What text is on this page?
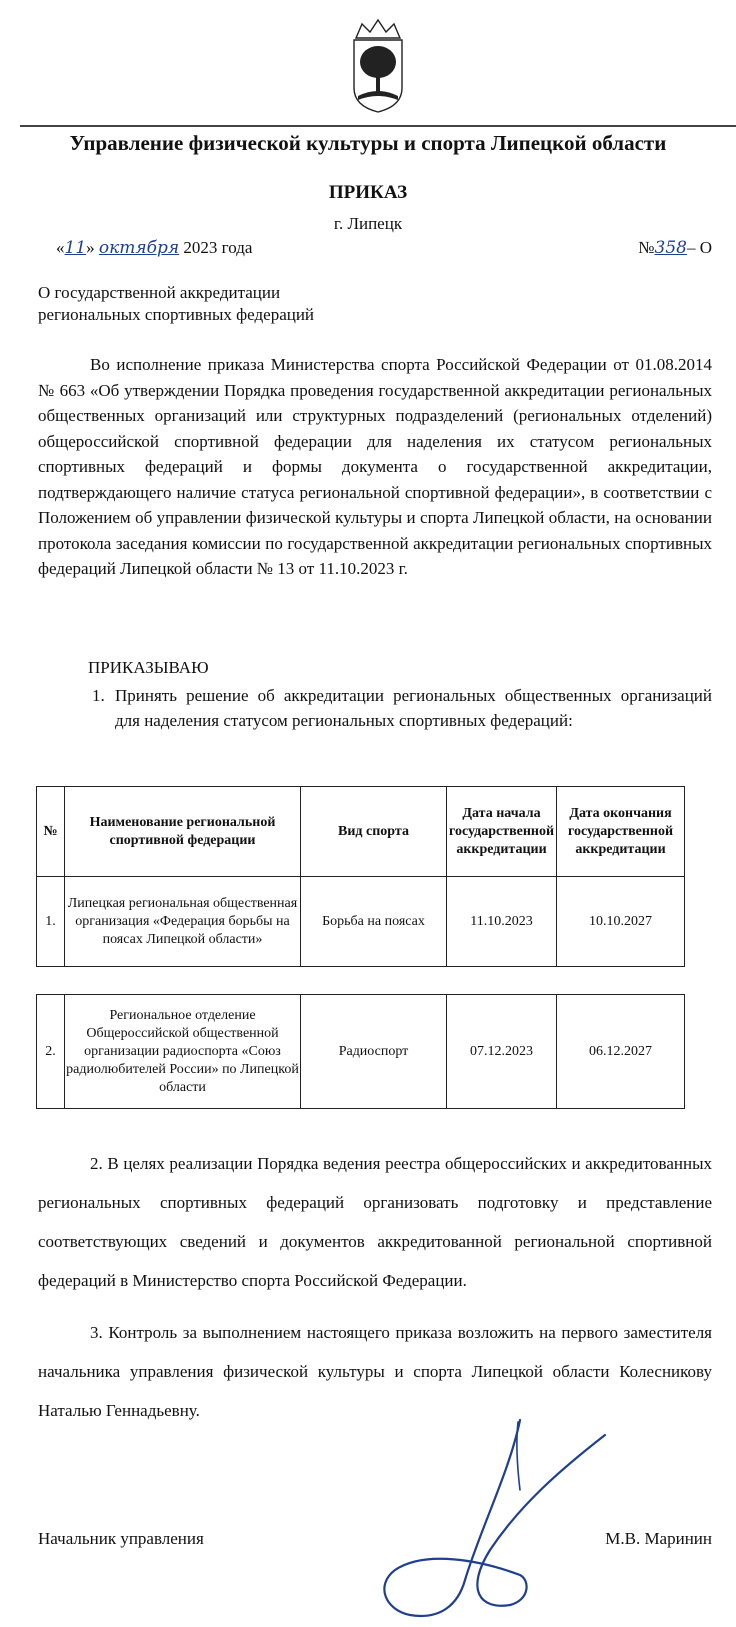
Управление физической культуры и спорта Липецкой области
ПРИКАЗ
г. Липецк
«11» октября 2023 года	№358– О
О государственной аккредитации
региональных спортивных федераций
Во исполнение приказа Министерства спорта Российской Федерации от 01.08.2014 № 663 «Об утверждении Порядка проведения государственной аккредитации региональных общественных организаций или структурных подразделений (региональных отделений) общероссийской спортивной федерации для наделения их статусом региональных спортивных федераций и формы документа о государственной аккредитации, подтверждающего наличие статуса региональной спортивной федерации», в соответствии с Положением об управлении физической культуры и спорта Липецкой области, на основании протокола заседания комиссии по государственной аккредитации региональных спортивных федераций Липецкой области № 13 от 11.10.2023 г.
ПРИКАЗЫВАЮ
1. Принять решение об аккредитации региональных общественных организаций для наделения статусом региональных спортивных федераций:
№	Наименование региональной спортивной федерации	Вид спорта	Дата начала государственной аккредитации	Дата окончания государственной аккредитации
1.	Липецкая региональная общественная организация «Федерация борьбы на поясах Липецкой области»	Борьба на поясах	11.10.2023	10.10.2027
2.	Региональное отделение Общероссийской общественной организации радиоспорта «Союз радиолюбителей России» по Липецкой области	Радиоспорт	07.12.2023	06.12.2027
2. В целях реализации Порядка ведения реестра общероссийских и аккредитованных региональных спортивных федераций организовать подготовку и представление соответствующих сведений и документов аккредитованной региональной спортивной федераций в Министерство спорта Российской Федерации.
3. Контроль за выполнением настоящего приказа возложить на первого заместителя начальника управления физической культуры и спорта Липецкой области Колесникову Наталью Геннадьевну.
Начальник управления	М.В. Маринин
